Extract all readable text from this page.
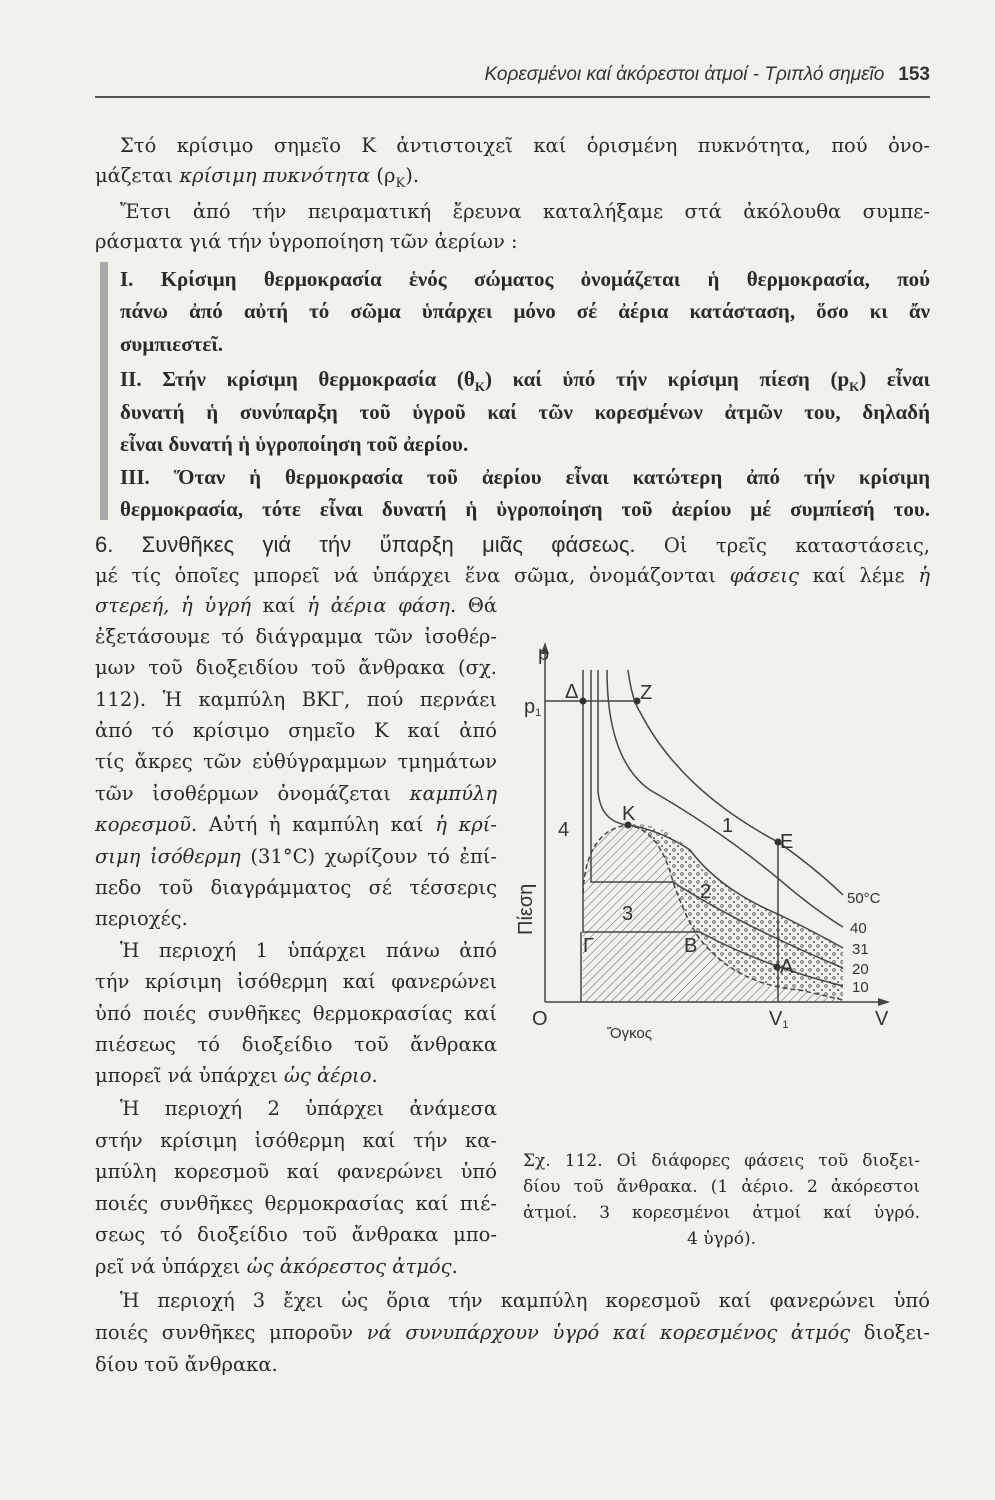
Κορεσμένοι καί ἀκόρεστοι ἀτμοί - Τριπλό σημεῖο 153
Στό κρίσιμο σημεῖο Κ ἀντιστοιχεῖ καί ὁρισμένη πυκνότητα, πού ὀνο-
μάζεται κρίσιμη πυκνότητα $(\rho_K)$.
Ἔτσι ἀπό τήν πειραματική ἔρευνα καταλήξαμε στά ἀκόλουθα συμπε-
ράσματα γιά τήν ὑγροποίηση τῶν ἀερίων :
I. Κρίσιμη θερμοκρασία ἑνός σώματος ὀνομάζεται ἡ θερμοκρασία, πού
πάνω ἀπό αὐτή τό σῶμα ὑπάρχει μόνο σέ ἀέρια κατάσταση, ὅσο κι ἄν
συμπιεστεῖ.
II. Στήν κρίσιμη θερμοκρασία $(\theta_K)$ καί ὑπό τήν κρίσιμη πίεση $(p_K)$ εἶναι
δυνατή ἡ συνύπαρξη τοῦ ὑγροῦ καί τῶν κορεσμένων ἀτμῶν του, δηλαδή
εἶναι δυνατή ἡ ὑγροποίηση τοῦ ἀερίου.
III. Ὅταν ἡ θερμοκρασία τοῦ ἀερίου εἶναι κατώτερη ἀπό τήν κρίσιμη
θερμοκρασία, τότε εἶναι δυνατή ἡ ὑγροποίηση τοῦ ἀερίου μέ συμπίεσή του.
6. Συνθῆκες γιά τήν ὕπαρξη μιᾶς φάσεως. Οἱ τρεῖς καταστάσεις,
μέ τίς ὁποῖες μπορεῖ νά ὑπάρχει ἕνα σῶμα, ὀνομάζονται φάσεις καί λέμε ἡ
στερεή, ἡ ὑγρή καί ἡ ἀέρια φάση. Θά
ἐξετάσουμε τό διάγραμμα τῶν ἰσοθέρ-
μων τοῦ διοξειδίου τοῦ ἄνθρακα (σχ.
112). Ἡ καμπύλη ΒΚΓ, πού περνάει
ἀπό τό κρίσιμο σημεῖο Κ καί ἀπό
τίς ἄκρες τῶν εὐθύγραμμων τμημάτων
τῶν ἰσοθέρμων ὀνομάζεται καμπύλη
κορεσμοῦ. Αὐτή ἡ καμπύλη καί ἡ κρί-
σιμη ἰσόθερμη (31°C) χωρίζουν τό ἐπί-
πεδο τοῦ διαγράμματος σέ τέσσερις
περιοχές.
Ἡ περιοχή 1 ὑπάρχει πάνω ἀπό
τήν κρίσιμη ἰσόθερμη καί φανερώνει
ὑπό ποιές συνθῆκες θερμοκρασίας καί
πιέσεως τό διοξείδιο τοῦ ἄνθρακα
μπορεῖ νά ὑπάρχει ὡς ἀέριο.
Ἡ περιοχή 2 ὑπάρχει ἀνάμεσα
στήν κρίσιμη ἰσόθερμη καί τήν κα-
μπύλη κορεσμοῦ καί φανερώνει ὑπό
ποιές συνθῆκες θερμοκρασίας καί πιέ-
σεως τό διοξείδιο τοῦ ἄνθρακα μπο-
ρεῖ νά ὑπάρχει ὡς ἀκόρεστος ἀτμός.
Ἡ περιοχή 3 ἔχει ὡς ὅρια τήν καμπύλη κορεσμοῦ καί φανερώνει ὑπό
ποιές συνθῆκες μποροῦν νά συνυπάρχουν ὑγρό καί κορεσμένος ἀτμός διοξει-
δίου τοῦ ἄνθρακα.
p
p1
Δ	Z
K
1
E
4
Πίεση	2
3
Γ	B
A
O	V1	V
50°C
40
31
20
10
Ὄγκος
Σχ. 112. Οἱ διάφορες φάσεις τοῦ διοξει-
δίου τοῦ ἄνθρακα. (1 ἀέριο. 2 ἀκόρεστοι
ἀτμοί. 3 κορεσμένοι ἀτμοί καί ὑγρό.
4 ὑγρό).
